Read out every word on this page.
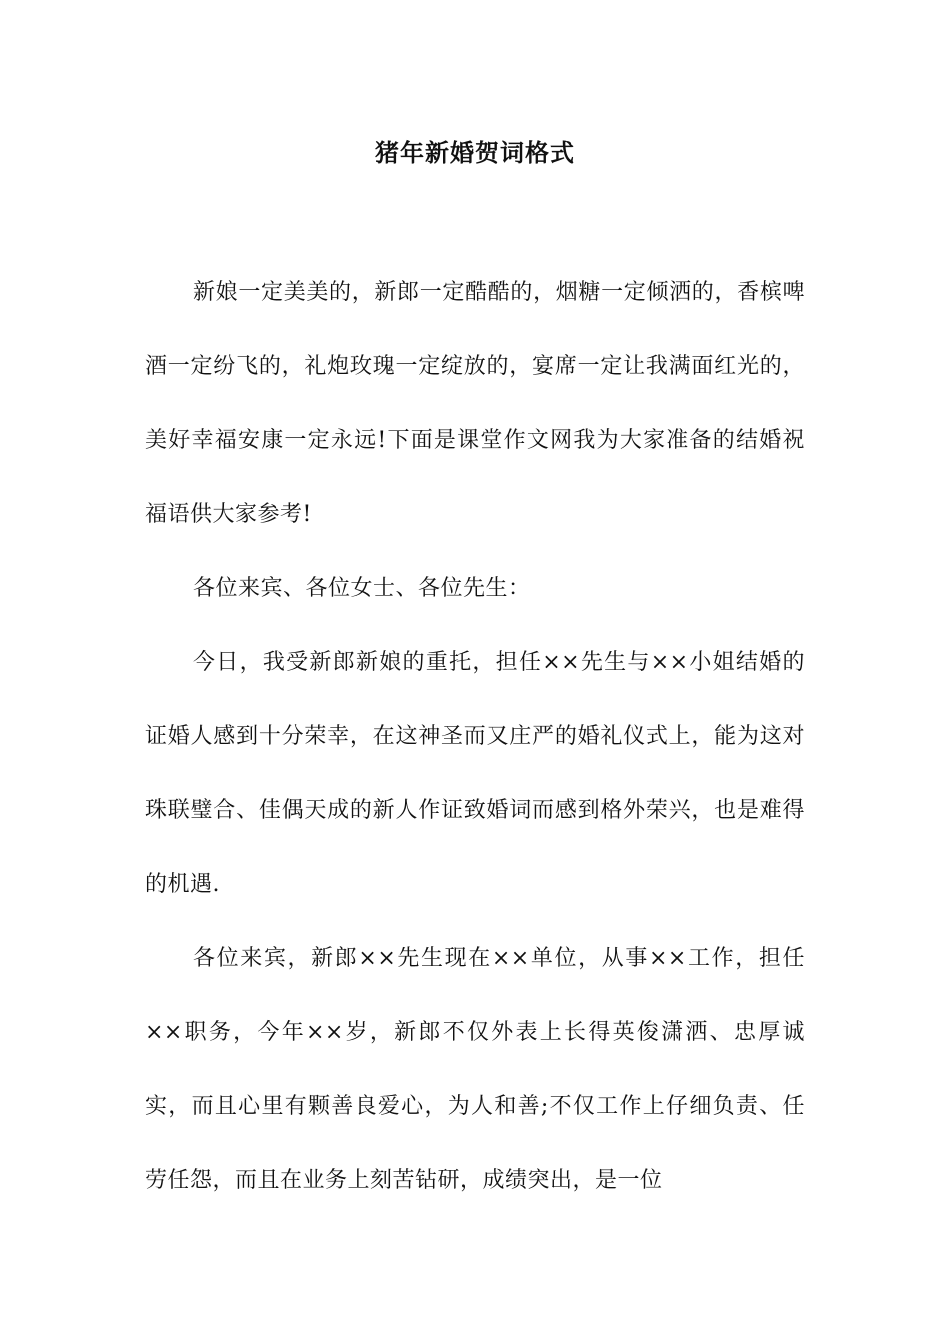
猪年新婚贺词格式

新娘一定美美的，新郎一定酷酷的，烟糖一定倾洒的，香槟啤酒一定纷飞的，礼炮玫瑰一定绽放的，宴席一定让我满面红光的，美好幸福安康一定永远!下面是课堂作文网我为大家准备的结婚祝福语供大家参考!

各位来宾、各位女士、各位先生：

今日，我受新郎新娘的重托，担任××先生与××小姐结婚的证婚人感到十分荣幸，在这神圣而又庄严的婚礼仪式上，能为这对珠联璧合、佳偶天成的新人作证致婚词而感到格外荣兴，也是难得的机遇.

各位来宾，新郎××先生现在××单位，从事××工作，担任××职务，今年××岁，新郎不仅外表上长得英俊潇洒、忠厚诚实，而且心里有颗善良爱心，为人和善;不仅工作上仔细负责、任劳任怨，而且在业务上刻苦钻研，成绩突出，是一位
